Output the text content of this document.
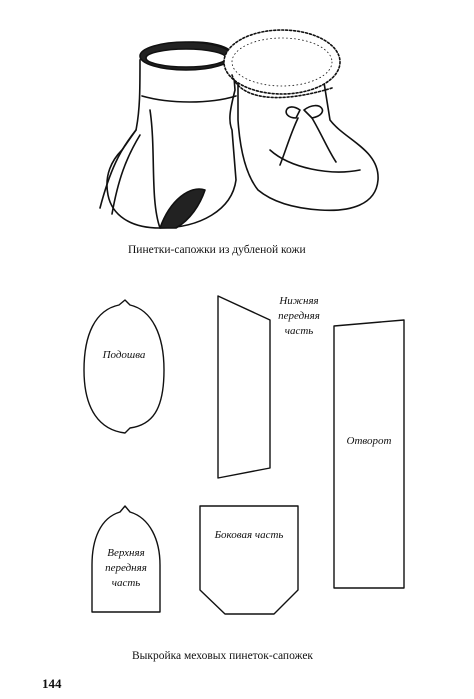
Пинетки-сапожки из дубленой кожи
Подошва
Нижняя
передняя
часть
Отворот
Верхняя
передняя
часть
Боковая часть
Выкройка меховых пинеток-сапожек
144
